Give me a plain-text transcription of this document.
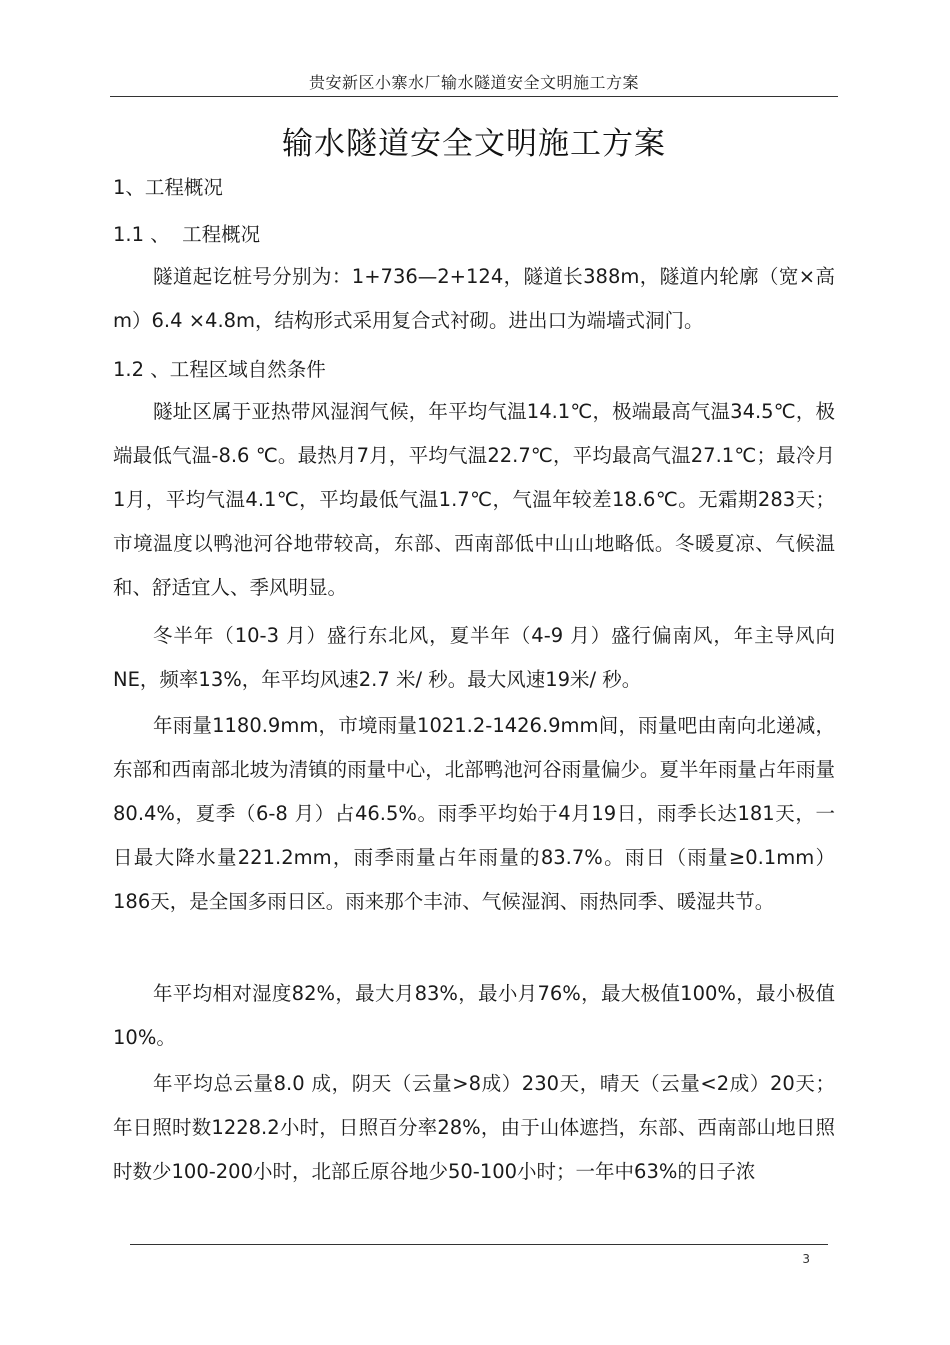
贵安新区小寨水厂输水隧道安全文明施工方案
输水隧道安全文明施工方案
1、工程概况
1.1 、  工程概况
隧道起讫桩号分别为：1+736—2+124，隧道长388m，隧道内轮廓（宽×高m）6.4 ×4.8m，结构形式采用复合式衬砌。进出口为端墙式洞门。
1.2 、工程区域自然条件
隧址区属于亚热带风湿润气候，年平均气温14.1℃，极端最高气温34.5℃，极端最低气温-8.6 ℃。最热月7月，平均气温22.7℃，平均最高气温27.1℃；最冷月1月，平均气温4.1℃，平均最低气温1.7℃，气温年较差18.6℃。无霜期283天；市境温度以鸭池河谷地带较高，东部、西南部低中山山地略低。冬暖夏凉、气候温和、舒适宜人、季风明显。
冬半年（10-3 月）盛行东北风，夏半年（4-9 月）盛行偏南风，年主导风向NE，频率13%，年平均风速2.7 米/ 秒。最大风速19米/ 秒。
年雨量1180.9mm，市境雨量1021.2-1426.9mm间，雨量吧由南向北递减，东部和西南部北坡为清镇的雨量中心，北部鸭池河谷雨量偏少。夏半年雨量占年雨量80.4%，夏季（6-8 月）占46.5%。雨季平均始于4月19日，雨季长达181天，一日最大降水量221.2mm，雨季雨量占年雨量的83.7%。雨日（雨量≥0.1mm）186天，是全国多雨日区。雨来那个丰沛、气候湿润、雨热同季、暖湿共节。
年平均相对湿度82%，最大月83%，最小月76%，最大极值100%，最小极值10%。
年平均总云量8.0 成，阴天（云量>8成）230天，晴天（云量<2成）20天；年日照时数1228.2小时，日照百分率28%，由于山体遮挡，东部、西南部山地日照时数少100-200小时，北部丘原谷地少50-100小时；一年中63%的日子浓
3
